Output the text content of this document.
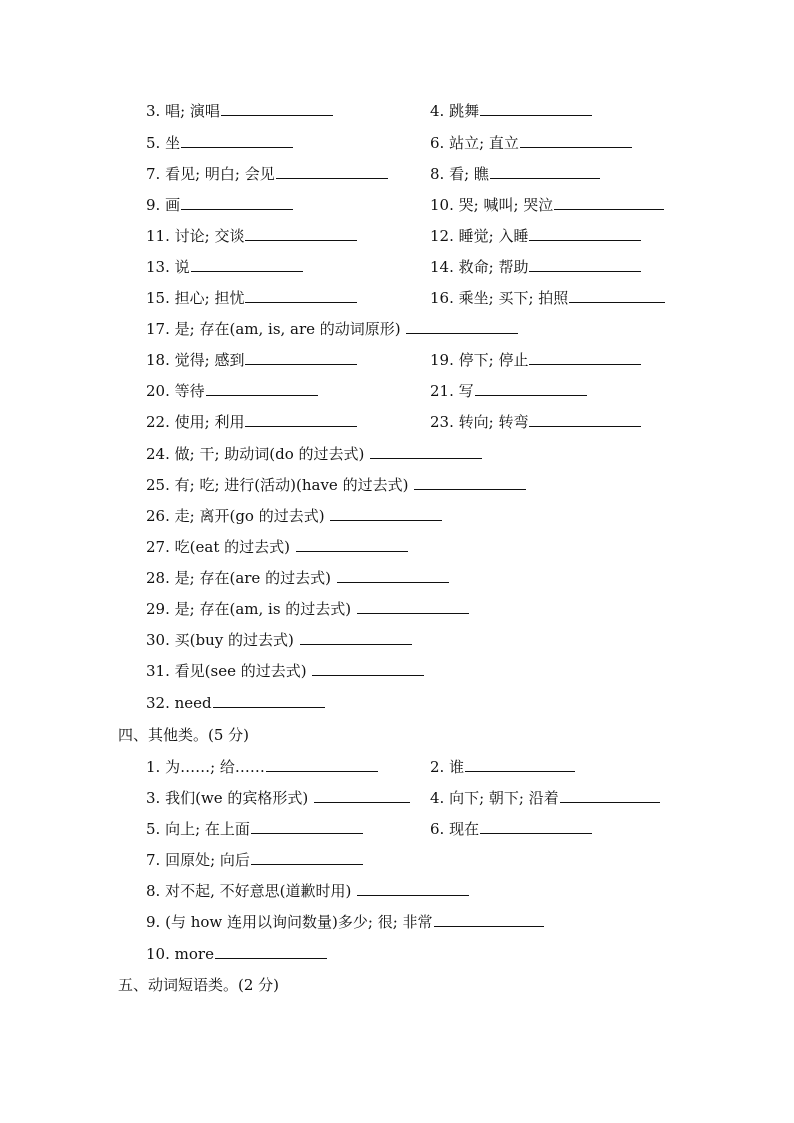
3. 唱; 演唱	4. 跳舞
5. 坐	6. 站立; 直立
7. 看见; 明白; 会见	8. 看; 瞧
9. 画	10. 哭; 喊叫; 哭泣
11. 讨论; 交谈	12. 睡觉; 入睡
13. 说	14. 救命; 帮助
15. 担心; 担忧	16. 乘坐; 买下; 拍照
17. 是; 存在(am, is, are 的动词原形)
18. 觉得; 感到	19. 停下; 停止
20. 等待	21. 写
22. 使用; 利用	23. 转向; 转弯
24. 做; 干; 助动词(do 的过去式)
25. 有; 吃; 进行(活动)(have 的过去式)
26. 走; 离开(go 的过去式)
27. 吃(eat 的过去式)
28. 是; 存在(are 的过去式)
29. 是; 存在(am, is 的过去式)
30. 买(buy 的过去式)
31. 看见(see 的过去式)
32. need
四、其他类。(5 分)
1. 为……; 给……	2. 谁
3. 我们(we 的宾格形式)	4. 向下; 朝下; 沿着
5. 向上; 在上面	6. 现在
7. 回原处; 向后
8. 对不起, 不好意思(道歉时用)
9. (与 how 连用以询问数量)多少; 很; 非常
10. more
五、动词短语类。(2 分)
